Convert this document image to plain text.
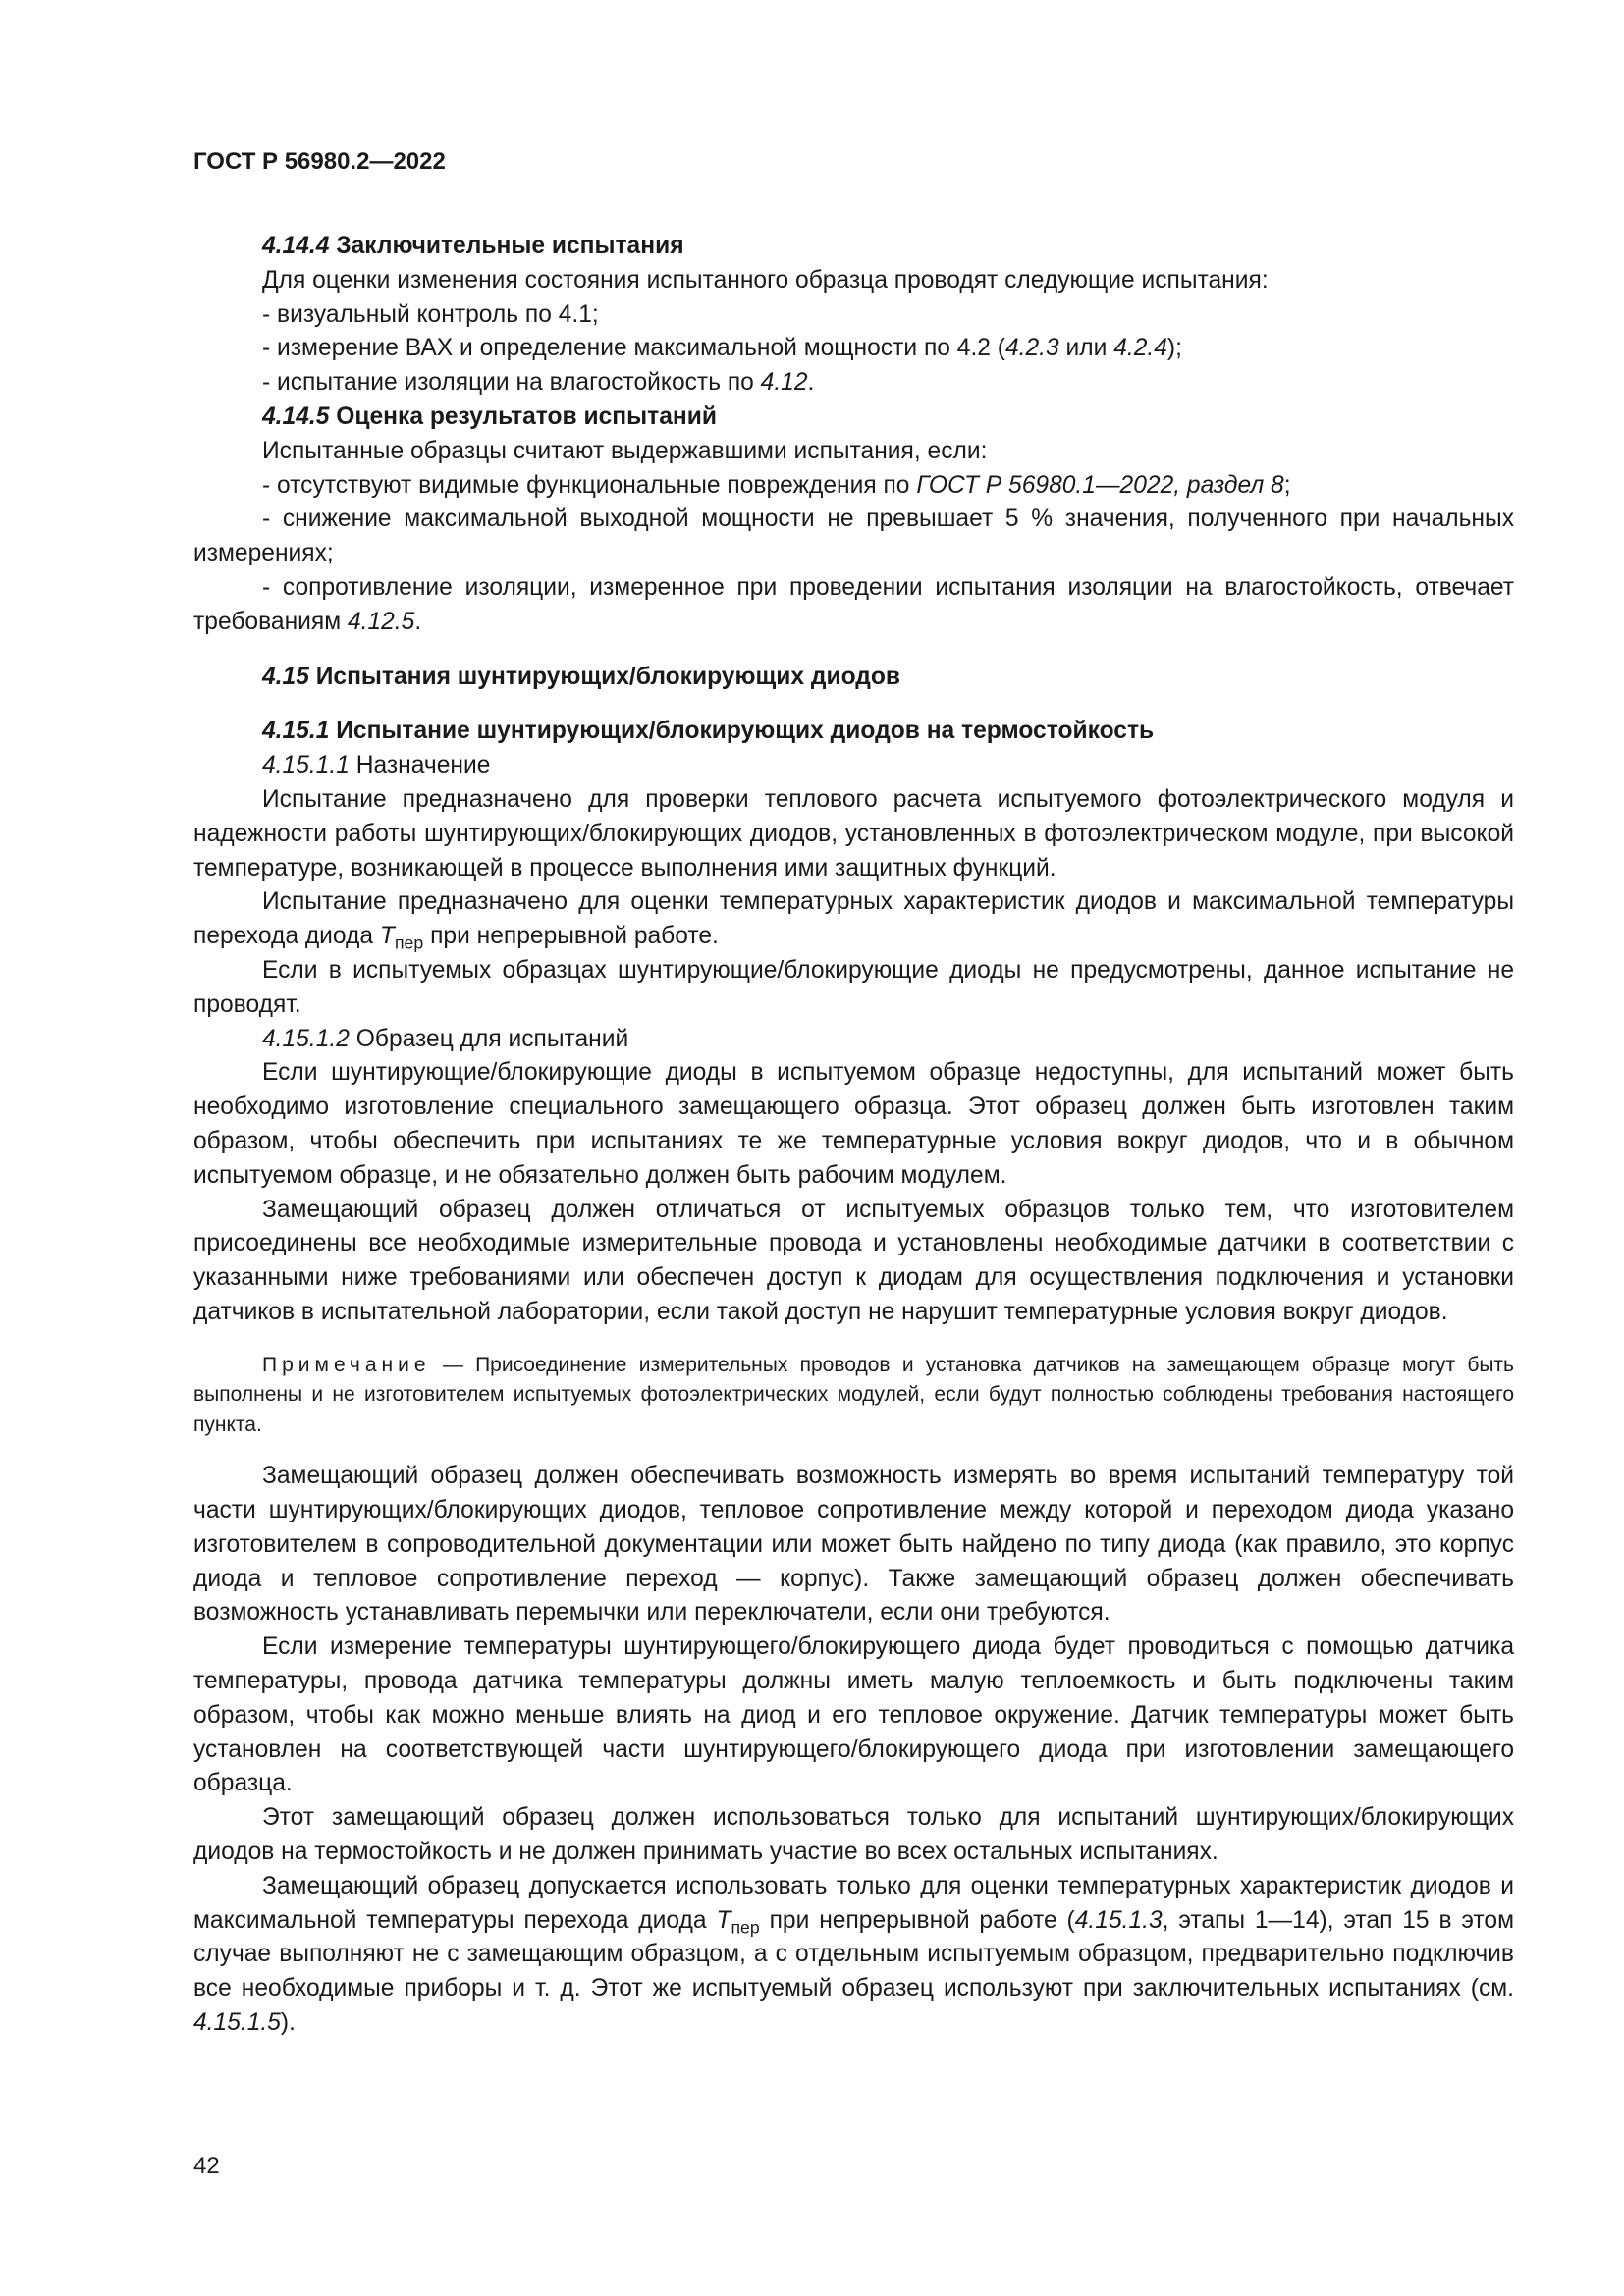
ГОСТ Р 56980.2—2022

4.14.4 Заключительные испытания

Для оценки изменения состояния испытанного образца проводят следующие испытания:

- визуальный контроль по 4.1;

- измерение ВАХ и определение максимальной мощности по 4.2 (4.2.3 или 4.2.4);

- испытание изоляции на влагостойкость по 4.12.

4.14.5 Оценка результатов испытаний

Испытанные образцы считают выдержавшими испытания, если:

- отсутствуют видимые функциональные повреждения по ГОСТ Р 56980.1—2022, раздел 8;

- снижение максимальной выходной мощности не превышает 5 % значения, полученного при начальных измерениях;

- сопротивление изоляции, измеренное при проведении испытания изоляции на влагостойкость, отвечает требованиям 4.12.5.

4.15 Испытания шунтирующих/блокирующих диодов

4.15.1 Испытание шунтирующих/блокирующих диодов на термостойкость

4.15.1.1 Назначение

Испытание предназначено для проверки теплового расчета испытуемого фотоэлектрического модуля и надежности работы шунтирующих/блокирующих диодов, установленных в фотоэлектрическом модуле, при высокой температуре, возникающей в процессе выполнения ими защитных функций.

Испытание предназначено для оценки температурных характеристик диодов и максимальной температуры перехода диода $T_{пер}$ при непрерывной работе.

Если в испытуемых образцах шунтирующие/блокирующие диоды не предусмотрены, данное испытание не проводят.

4.15.1.2 Образец для испытаний

Если шунтирующие/блокирующие диоды в испытуемом образце недоступны, для испытаний может быть необходимо изготовление специального замещающего образца. Этот образец должен быть изготовлен таким образом, чтобы обеспечить при испытаниях те же температурные условия вокруг диодов, что и в обычном испытуемом образце, и не обязательно должен быть рабочим модулем.

Замещающий образец должен отличаться от испытуемых образцов только тем, что изготовителем присоединены все необходимые измерительные провода и установлены необходимые датчики в соответствии с указанными ниже требованиями или обеспечен доступ к диодам для осуществления подключения и установки датчиков в испытательной лаборатории, если такой доступ не нарушит температурные условия вокруг диодов.

Примечание — Присоединение измерительных проводов и установка датчиков на замещающем образце могут быть выполнены и не изготовителем испытуемых фотоэлектрических модулей, если будут полностью соблюдены требования настоящего пункта.

Замещающий образец должен обеспечивать возможность измерять во время испытаний температуру той части шунтирующих/блокирующих диодов, тепловое сопротивление между которой и переходом диода указано изготовителем в сопроводительной документации или может быть найдено по типу диода (как правило, это корпус диода и тепловое сопротивление переход — корпус). Также замещающий образец должен обеспечивать возможность устанавливать перемычки или переключатели, если они требуются.

Если измерение температуры шунтирующего/блокирующего диода будет проводиться с помощью датчика температуры, провода датчика температуры должны иметь малую теплоемкость и быть подключены таким образом, чтобы как можно меньше влиять на диод и его тепловое окружение. Датчик температуры может быть установлен на соответствующей части шунтирующего/блокирующего диода при изготовлении замещающего образца.

Этот замещающий образец должен использоваться только для испытаний шунтирующих/блокирующих диодов на термостойкость и не должен принимать участие во всех остальных испытаниях.

Замещающий образец допускается использовать только для оценки температурных характеристик диодов и максимальной температуры перехода диода $T_{пер}$ при непрерывной работе (4.15.1.3, этапы 1—14), этап 15 в этом случае выполняют не с замещающим образцом, а с отдельным испытуемым образцом, предварительно подключив все необходимые приборы и т. д. Этот же испытуемый образец используют при заключительных испытаниях (см. 4.15.1.5).

42
